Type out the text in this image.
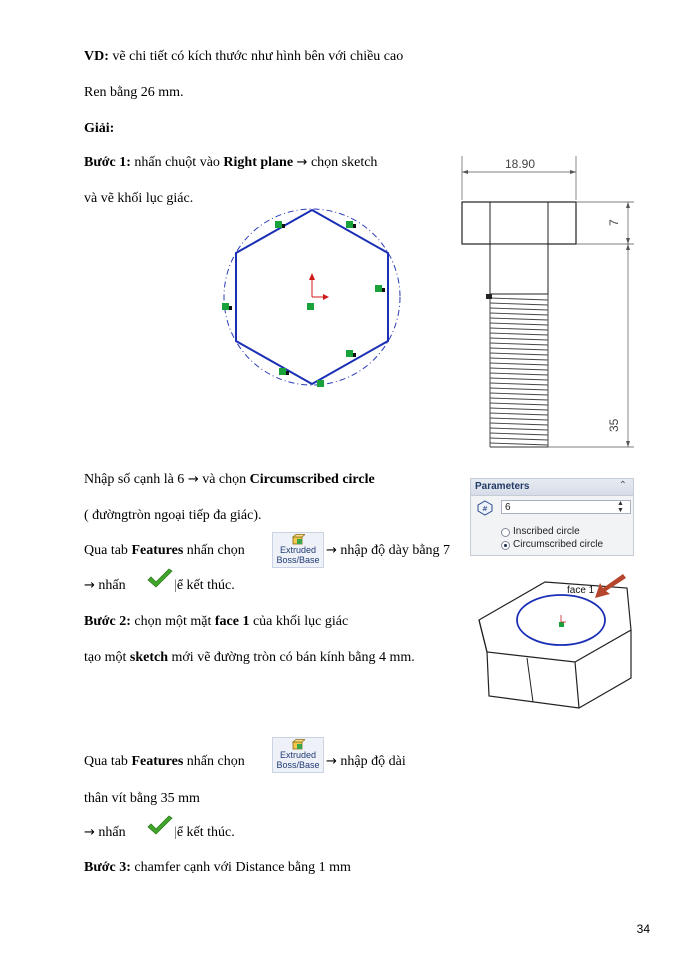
VD: vẽ chi tiết có kích thước như hình bên với chiều cao
Ren bằng 26 mm.
Giải:
Bước 1: nhấn chuột vào Right plane → chọn sketch
và vẽ khối lục giác.
Nhập số cạnh là 6 → và chọn Circumscribed circle
( đườngtròn ngoại tiếp đa giác).
Qua tab Features nhấn chọn	Extruded
Boss/Base
→ nhập độ dày bằng 7
→ nhấn	|ể kết thúc.
Bước 2: chọn một mặt face 1 của khối lục giác
tạo một sketch mới vẽ đường tròn có bán kính bằng 4 mm.
Qua tab Features nhấn chọn	Extruded
Boss/Base → nhập độ dài
thân vít bằng 35 mm
→ nhấn	|ể kết thúc.
Bước 3: chamfer cạnh với Distance bằng 1 mm
18.90
7
35
Parameters	⌃
#	6	▲
▼
Inscribed circle
Circumscribed circle
face 1
34
